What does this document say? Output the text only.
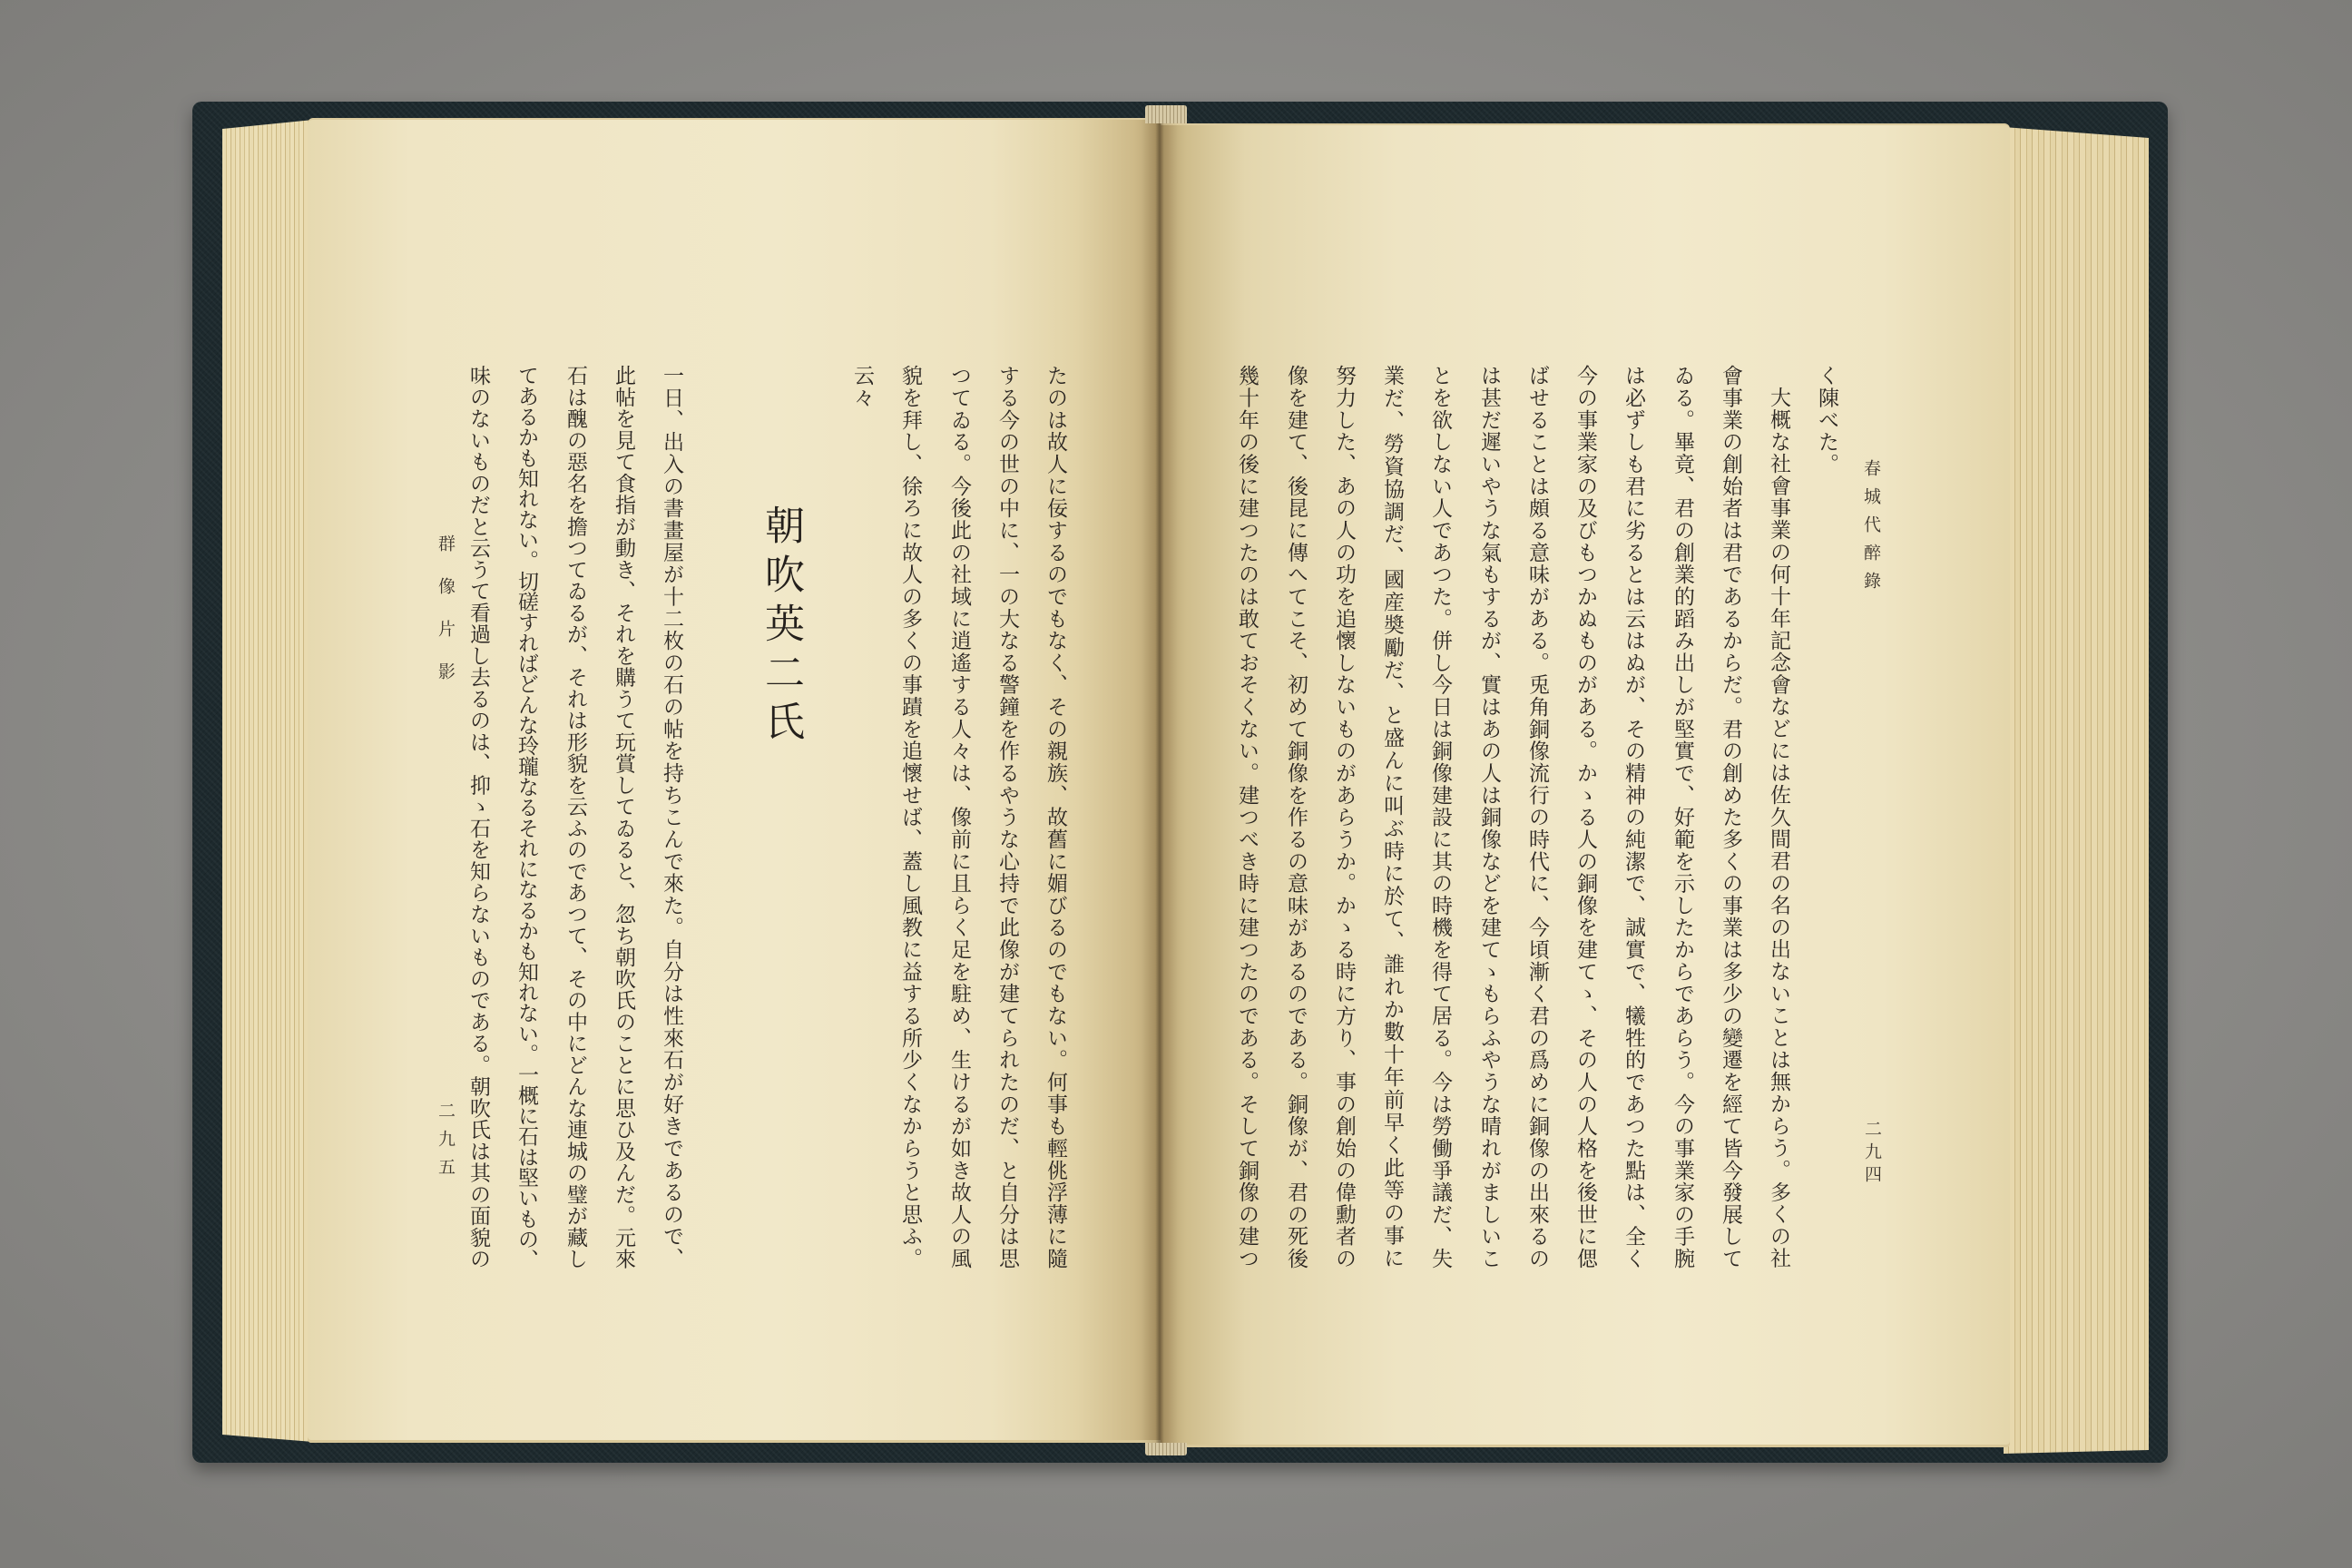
群像片影
二九五	たのは故人に佞するのでもなく、その親族、故舊に媚びるのでもない。何事も輕佻浮薄に隨
する今の世の中に、一の大なる警鐘を作るやうな心持で此像が建てられたのだ、と自分は思
つてゐる。今後此の社域に逍遙する人々は、像前に且らく足を駐め、生けるが如き故人の風
貌を拜し、徐ろに故人の多くの事蹟を追懷せば、蓋し風教に益する所少くなからうと思ふ。
云々
朝吹英二氏
一日、出入の書畫屋が十二枚の石の帖を持ちこんで來た。自分は性來石が好きであるので、
此帖を見て食指が動き、それを購うて玩賞してゐると、忽ち朝吹氏のことに思ひ及んだ。元來
石は醜の惡名を擔つてゐるが、それは形貌を云ふのであつて、その中にどんな連城の璧が藏し
てあるかも知れない。切磋すればどんな玲瓏なるそれになるかも知れない。一概に石は堅いもの、
味のないものだと云うて看過し去るのは、抑ゝ石を知らないものである。朝吹氏は其の面貌の	春城代醉錄
二九四
く陳べた。
大概な社會事業の何十年記念會などには佐久間君の名の出ないことは無からう。多くの社
會事業の創始者は君であるからだ。君の創めた多くの事業は多少の變遷を經て皆今發展して
ゐる。畢竟、君の創業的蹈み出しが堅實で、好範を示したからであらう。今の事業家の手腕
は必ずしも君に劣るとは云はぬが、その精神の純潔で、誠實で、犧牲的であつた點は、全く
今の事業家の及びもつかぬものがある。かゝる人の銅像を建てゝ、その人の人格を後世に偲
ばせることは頗る意味がある。兎角銅像流行の時代に、今頃漸く君の爲めに銅像の出來るの
は甚だ遲いやうな氣もするが、實はあの人は銅像などを建てゝもらふやうな晴れがましいこ
とを欲しない人であつた。併し今日は銅像建設に其の時機を得て居る。今は勞働爭議だ、失
業だ、勞資協調だ、國産奬勵だ、と盛んに叫ぶ時に於て、誰れか數十年前早く此等の事に
努力した、あの人の功を追懷しないものがあらうか。かゝる時に方り、事の創始の偉勳者の
像を建て、後昆に傳へてこそ、初めて銅像を作るの意味があるのである。銅像が、君の死後
幾十年の後に建つたのは敢ておそくない。建つべき時に建つたのである。そして銅像の建つ
